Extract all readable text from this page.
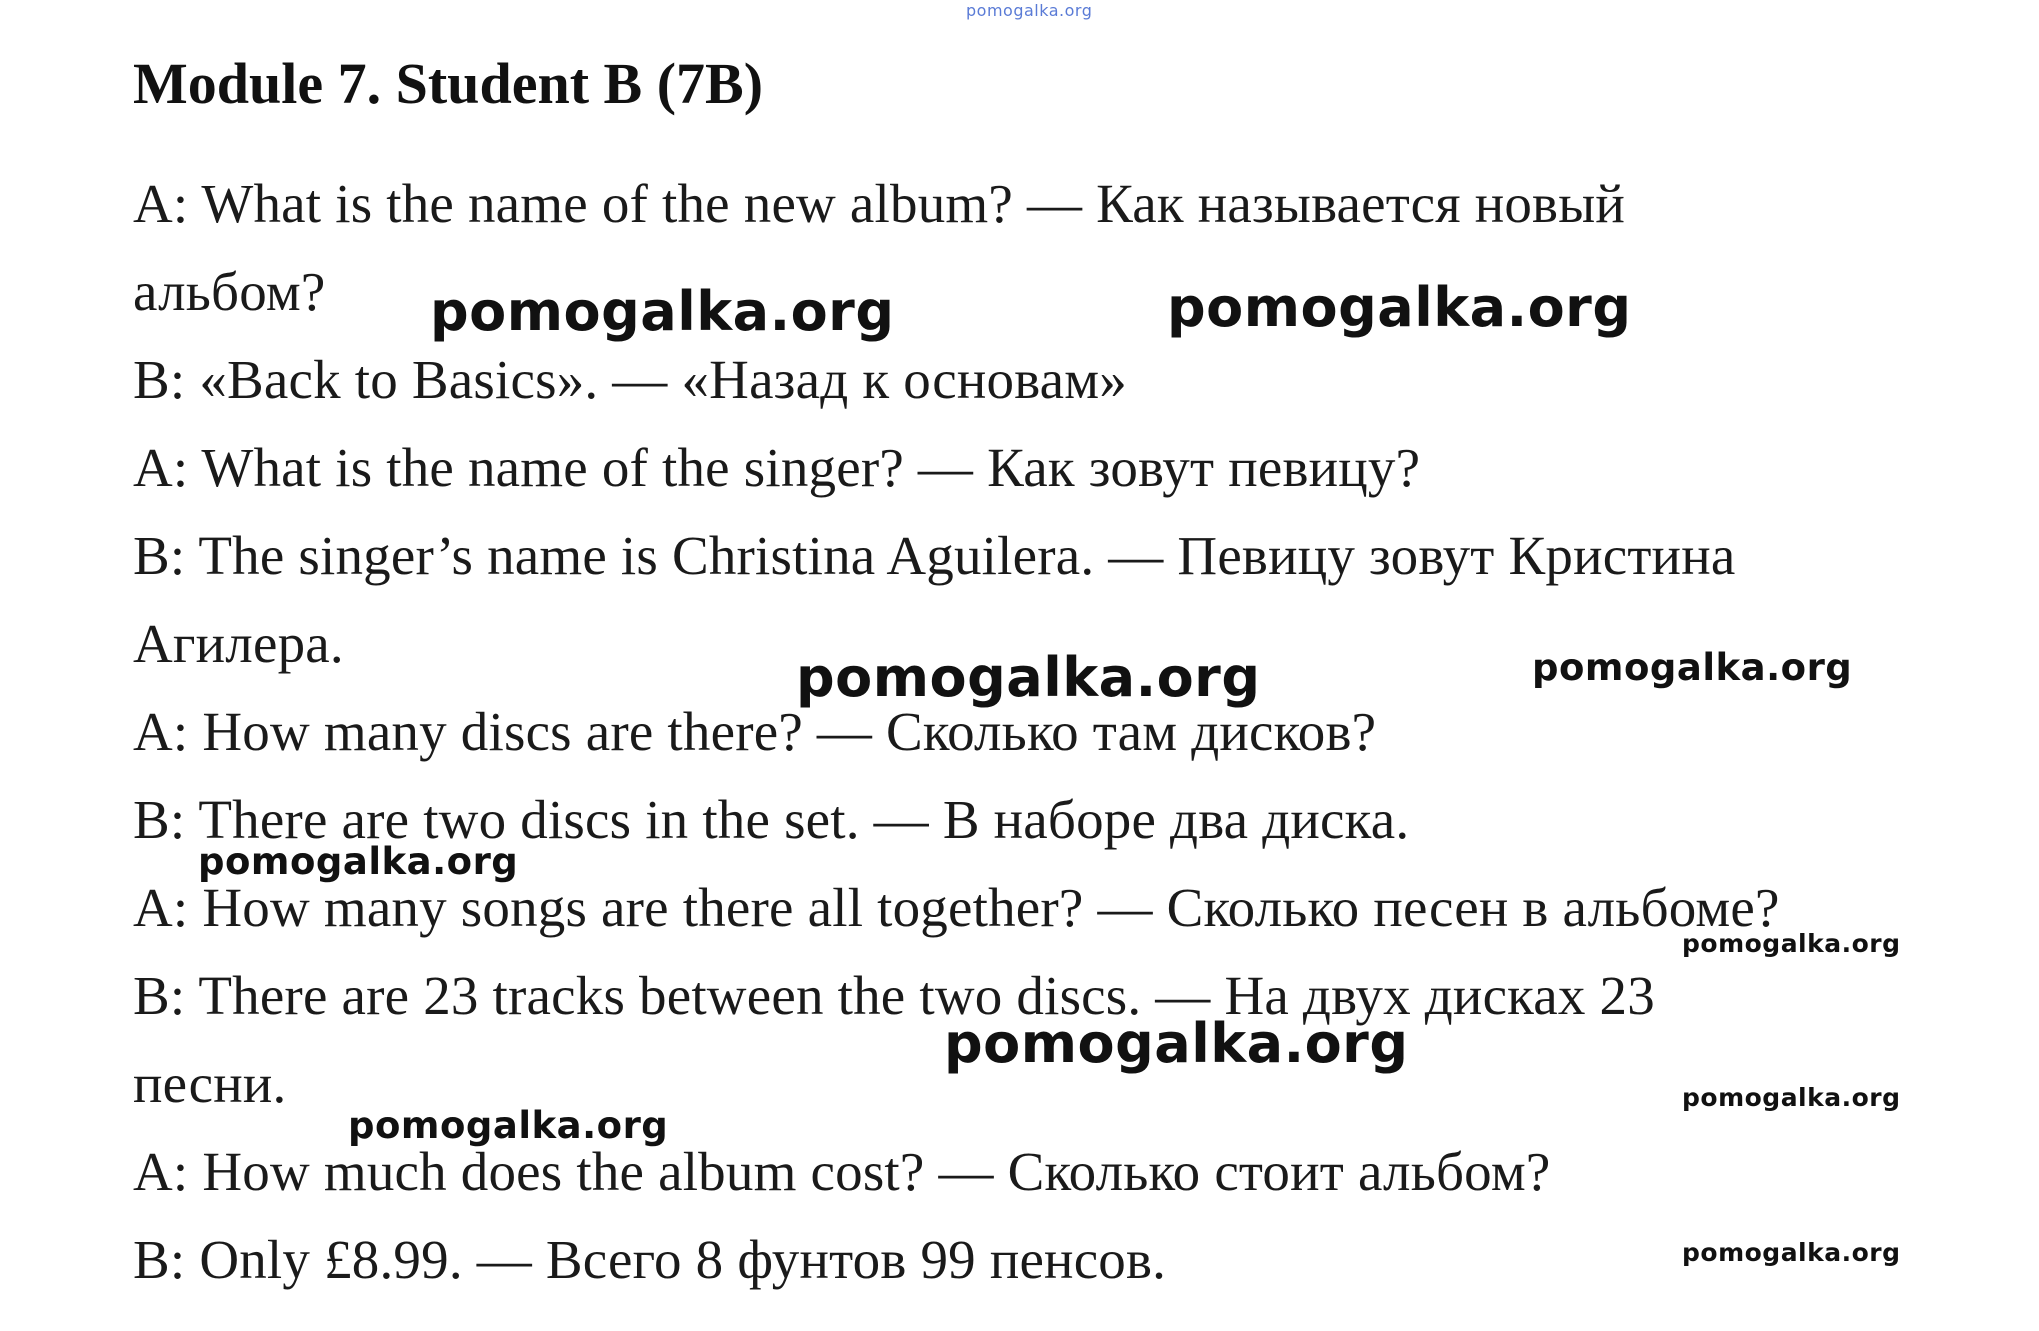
pomogalka.org
Module 7. Student B (7B)
A: What is the name of the new album? — Как называется новый
альбом?
B: «Back to Basics». — «Назад к основам»
A: What is the name of the singer? — Как зовут певицу?
B: The singer’s name is Christina Aguilera. — Певицу зовут Кристина
Агилера.
A: How many discs are there? — Сколько там дисков?
B: There are two discs in the set. — В наборе два диска.
A: How many songs are there all together? — Сколько песен в альбоме?
B: There are 23 tracks between the two discs. — На двух дисках 23
песни.
A: How much does the album cost? — Сколько стоит альбом?
B: Only £8.99. — Всего 8 фунтов 99 пенсов.
pomogalka.org	pomogalka.org
pomogalka.org	pomogalka.org
pomogalka.org
pomogalka.org
pomogalka.org
pomogalka.org
pomogalka.org
pomogalka.org
